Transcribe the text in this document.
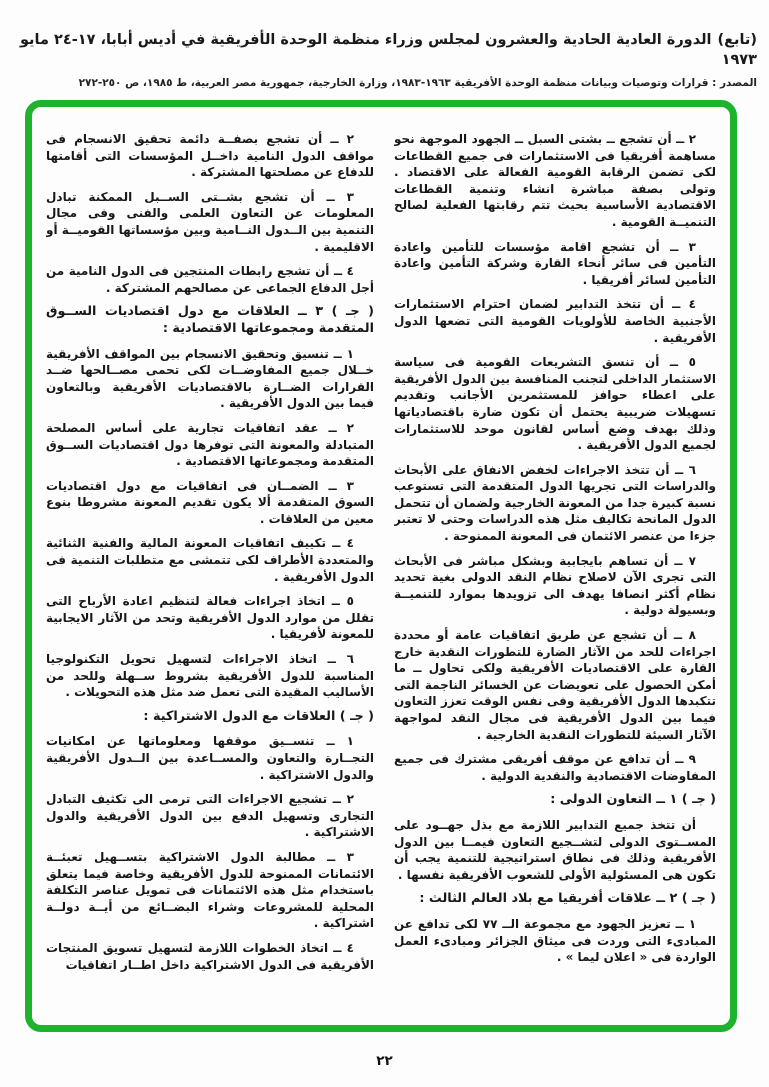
(تابع)الدورة العادية الحادية والعشرون لمجلس وزراء منظمة الوحدة الأفريقية في أديس أبابا، ١٧-٢٤ مايو ١٩٧٣
المصدر : قرارات وتوصيات وبيانات منظمة الوحدة الأفريقية ١٩٦٣-١٩٨٣، وزارة الخارجية، جمهورية مصر العربية، ط ١٩٨٥، ص ٢٥٠-٢٧٢

٢ ــ أن تشجع ــ بشتى السبل ــ الجهود الموجهة نحو مساهمة أفريقيا فى الاستثمارات فى جميع القطاعات لكى تضمن الرقابة القومية الفعالة على الاقتصاد . وتولى بصفة مباشرة انشاء وتنمية القطاعات الاقتصادية الأساسية بحيث تتم رقابتها الفعلية لصالح التنميــة القومية .

٣ ــ أن تشجع اقامة مؤسسات للتأمين واعادة التأمين فى سائر أنحاء القارة وشركة التأمين واعادة التأمين لسائر أفريقيا .

٤ ــ أن تتخذ التدابير لضمان احترام الاستثمارات الأجنبية الخاصة للأولويات القومية التى تضعها الدول الأفريقية .

٥ ــ أن تنسق التشريعات القومية فى سياسة الاستثمار الداخلى لتجنب المنافسة بين الدول الأفريقية على اعطاء حوافز للمستثمرين الأجانب وتقديم تسهيلات ضريبية يحتمل أن تكون ضارة باقتصادياتها وذلك بهدف وضع أساس لقانون موحد للاستثمارات لجميع الدول الأفريقية .

٦ ــ أن تتخذ الاجراءات لخفض الانفاق على الأبحاث والدراسات التى تجريها الدول المتقدمة التى تستوعب نسبة كبيرة جدا من المعونة الخارجية ولضمان أن تتحمل الدول المانحة تكاليف مثل هذه الدراسات وحتى لا تعتبر جزءا من عنصر الائتمان فى المعونة الممنوحة .

٧ ــ أن تساهم بايجابية وبشكل مباشر فى الأبحاث التى تجرى الآن لاصلاح نظام النقد الدولى بغية تحديد نظام أكثر انصافا يهدف الى تزويدها بموارد للتنميــة وبسيولة دولية .

٨ ــ أن تشجع عن طريق اتفاقيات عامة أو محددة اجراءات للحد من الآثار الضارة للتطورات النقدية خارج القارة على الاقتصاديات الأفريقية ولكى تحاول ــ ما أمكن الحصول على تعويضات عن الخسائر الناجمة التى تتكبدها الدول الأفريقية وفى نفس الوقت تعزز التعاون فيما بين الدول الأفريقية فى مجال النقد لمواجهة الآثار السيئة للتطورات النقدية الخارجية .

٩ ــ أن تدافع عن موقف أفريقى مشترك فى جميع المفاوضات الاقتصادية والنقدية الدولية .

( جـ ) ١ ــ التعاون الدولى :

أن تتخذ جميع التدابير اللازمة مع بذل جهــود على المســتوى الدولى لتشــجيع التعاون فيمــا بين الدول الأفريقية وذلك فى نطاق استراتيجية للتنمية يجب أن تكون هى المسئولية الأولى للشعوب الأفريقية نفسها .

( جـ ) ٢ ــ علاقات أفريقيا مع بلاد العالم الثالث :

١ ــ تعزيز الجهود مع مجموعة الــ ٧٧ لكى تدافع عن المبادىء التى وردت فى ميثاق الجزائر ومبادىء العمل الواردة فى « اعلان ليما » .

٢ ــ أن تشجع بصفــة دائمة تحقيق الانسجام فى مواقف الدول النامية داخــل المؤسسات التى أقامتها للدفاع عن مصلحتها المشتركة .

٣ ــ أن تشجع بشــتى الســبل الممكنة تبادل المعلومات عن التعاون العلمى والفنى وفى مجال التنمية بين الــدول النــامية وبين مؤسساتها القوميــة أو الاقليمية .

٤ ــ أن تشجع رابطات المنتجين فى الدول النامية من أجل الدفاع الجماعى عن مصالحهم المشتركة .

( جـ ) ٣ ــ العلاقات مع دول اقتصاديات الســوق المتقدمة ومجموعاتها الاقتصادية :

١ ــ تنسيق وتحقيق الانسجام بين المواقف الأفريقية خــلال جميع المفاوضــات لكى تحمى مصــالحها ضــد القرارات الضــارة بالاقتصاديات الأفريقية وبالتعاون فيما بين الدول الأفريقية .

٢ ــ عقد اتفاقيات تجارية على أساس المصلحة المتبادلة والمعونة التى توفرها دول اقتصاديات الســوق المتقدمة ومجموعاتها الاقتصادية .

٣ ــ الضمــان فى اتفاقيات مع دول اقتصاديات السوق المتقدمة ألا يكون تقديم المعونة مشروطا بنوع معين من العلاقات .

٤ ــ تكييف اتفاقيات المعونة المالية والفنية الثنائية والمتعددة الأطراف لكى تتمشى مع متطلبات التنمية فى الدول الأفريقية .

٥ ــ اتخاذ اجراءات فعالة لتنظيم اعادة الأرباح التى تقلل من موارد الدول الأفريقية وتحد من الآثار الايجابية للمعونة لأفريقيا .

٦ ــ اتخاذ الاجراءات لتسهيل تحويل التكنولوجيا المناسبة للدول الأفريقية بشروط ســهلة وللحد من الأساليب المقيدة التى تعمل ضد مثل هذه التحويلات .

( جـ ) العلاقات مع الدول الاشتراكية :

١ ــ تنســيق موقفها ومعلوماتها عن امكانيات التجــارة والتعاون والمســاعدة بين الــدول الأفريقية والدول الاشتراكية .

٢ ــ تشجيع الاجراءات التى ترمى الى تكثيف التبادل التجارى وتسهيل الدفع بين الدول الأفريقية والدول الاشتراكية .

٣ ــ مطالبة الدول الاشتراكية بتســهيل تعبئــة الائتمانات الممنوحة للدول الأفريقية وخاصة فيما يتعلق باستخدام مثل هذه الائتمانات فى تمويل عناصر التكلفة المحلية للمشروعات وشراء البضــائع من أيــة دولــة اشتراكية .

٤ ــ اتخاذ الخطوات اللازمة لتسهيل تسويق المنتجات الأفريقية فى الدول الاشتراكية داخل اطــار اتفاقيات

٢٢
